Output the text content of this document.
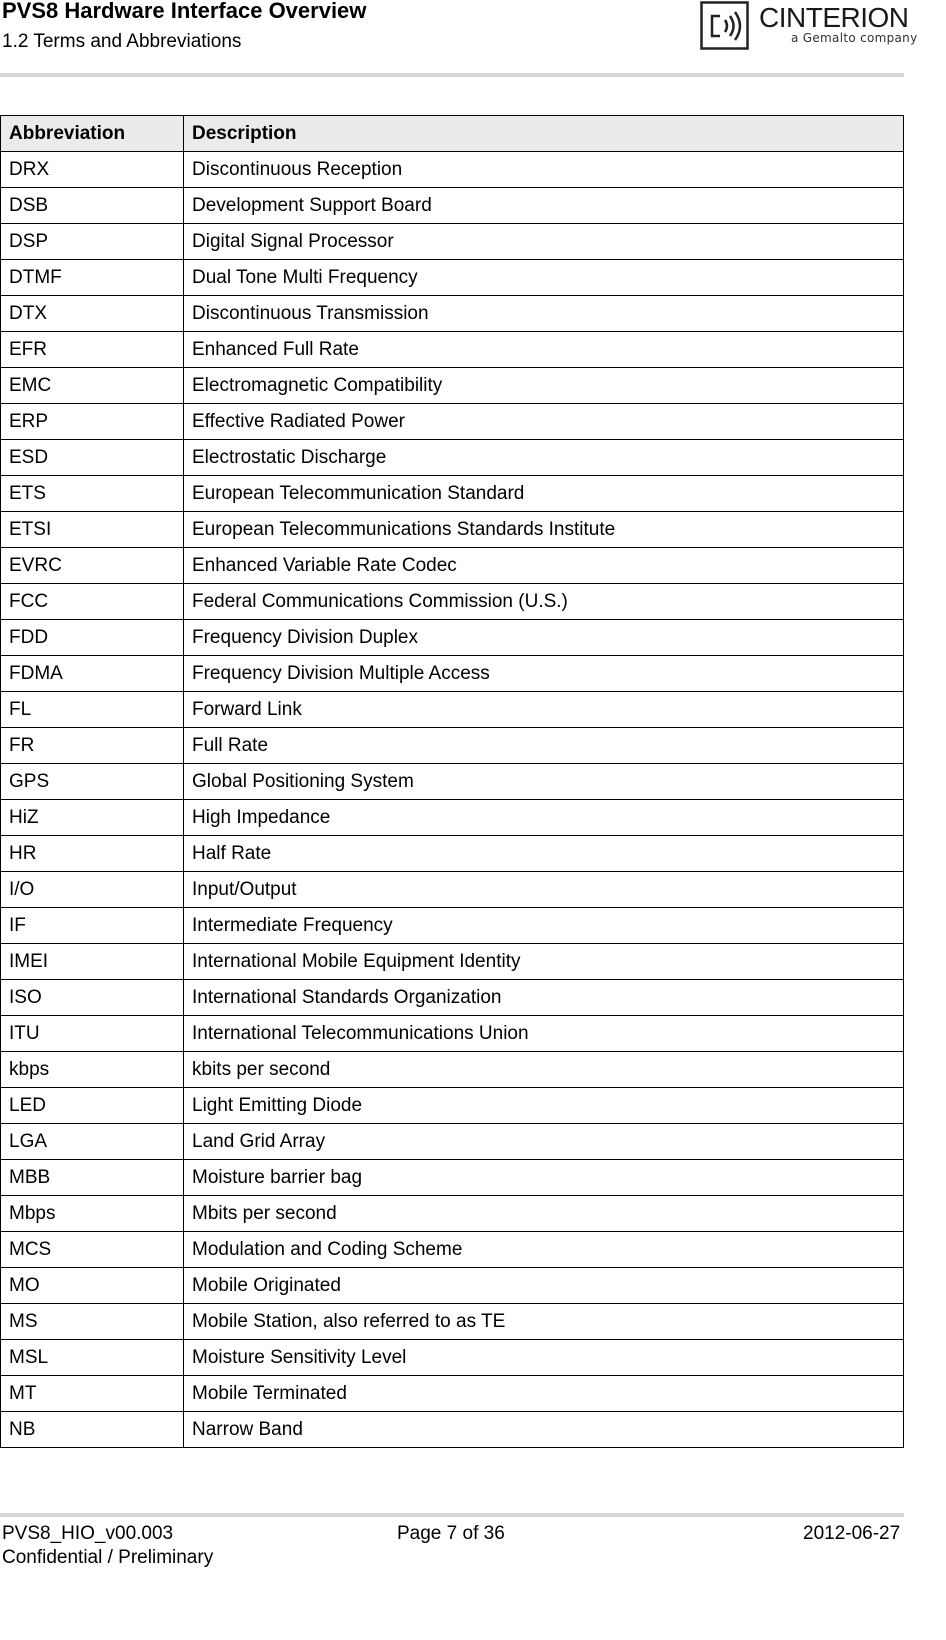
PVS8 Hardware Interface Overview
1.2 Terms and Abbreviations
CINTERION
a Gemalto company
Abbreviation	Description
DRX	Discontinuous Reception
DSB	Development Support Board
DSP	Digital Signal Processor
DTMF	Dual Tone Multi Frequency
DTX	Discontinuous Transmission
EFR	Enhanced Full Rate
EMC	Electromagnetic Compatibility
ERP	Effective Radiated Power
ESD	Electrostatic Discharge
ETS	European Telecommunication Standard
ETSI	European Telecommunications Standards Institute
EVRC	Enhanced Variable Rate Codec
FCC	Federal Communications Commission (U.S.)
FDD	Frequency Division Duplex
FDMA	Frequency Division Multiple Access
FL	Forward Link
FR	Full Rate
GPS	Global Positioning System
HiZ	High Impedance
HR	Half Rate
I/O	Input/Output
IF	Intermediate Frequency
IMEI	International Mobile Equipment Identity
ISO	International Standards Organization
ITU	International Telecommunications Union
kbps	kbits per second
LED	Light Emitting Diode
LGA	Land Grid Array
MBB	Moisture barrier bag
Mbps	Mbits per second
MCS	Modulation and Coding Scheme
MO	Mobile Originated
MS	Mobile Station, also referred to as TE
MSL	Moisture Sensitivity Level
MT	Mobile Terminated
NB	Narrow Band
PVS8_HIO_v00.003	Page 7 of 36	2012-06-27
Confidential / Preliminary
